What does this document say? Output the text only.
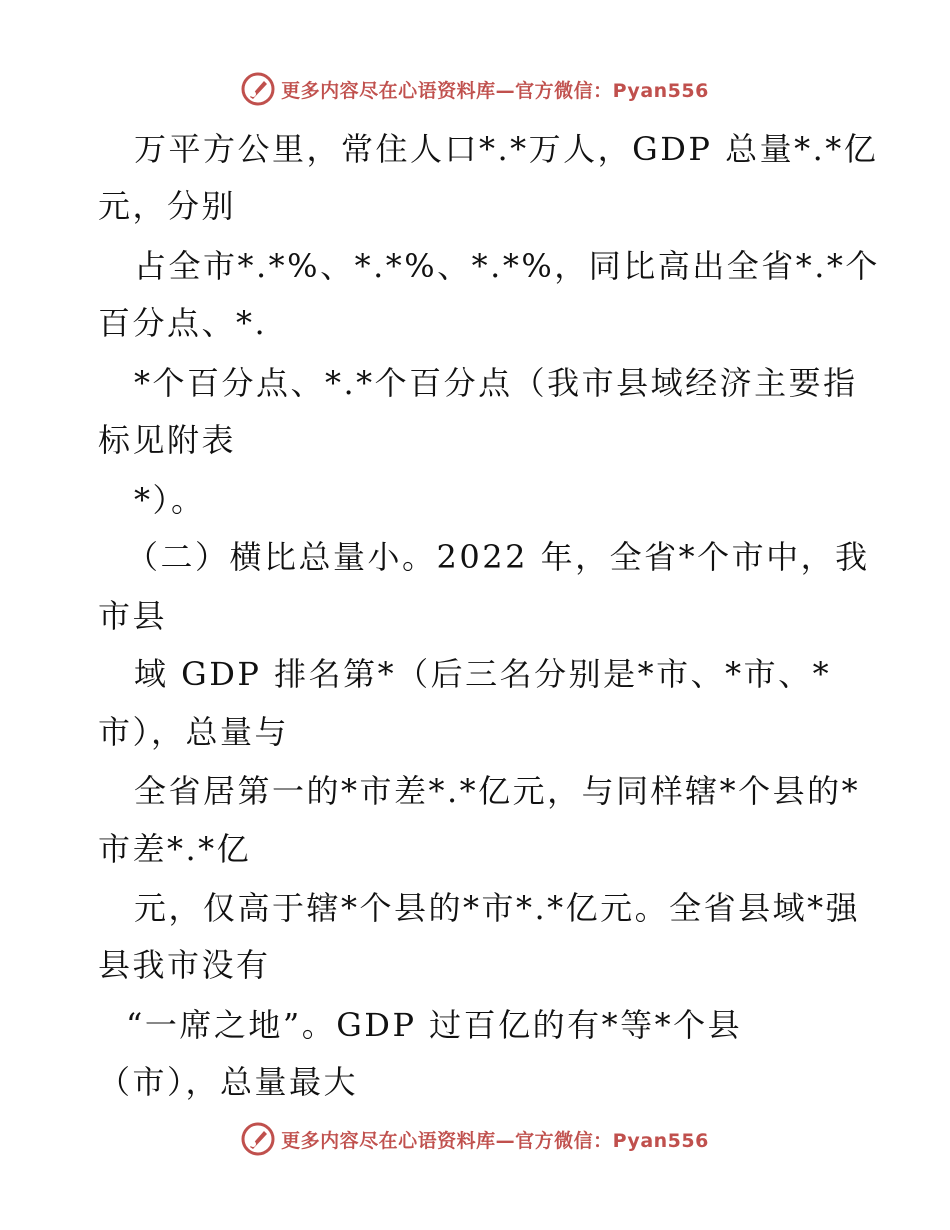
更多内容尽在心语资料库—官方微信：Pyan556
万平方公里，常住人口*.*万人，GDP 总量*.*亿
元，分别
占全市*.*%、*.*%、*.*%，同比高出全省*.*个
百分点、*.
*个百分点、*.*个百分点（我市县域经济主要指
标见附表
*）。
（二）横比总量小。2022 年，全省*个市中，我
市县
域 GDP 排名第*（后三名分别是*市、*市、*
市），总量与
全省居第一的*市差*.*亿元，与同样辖*个县的*
市差*.*亿
元，仅高于辖*个县的*市*.*亿元。全省县域*强
县我市没有
“一席之地”。GDP 过百亿的有*等*个县
（市），总量最大
更多内容尽在心语资料库—官方微信：Pyan556
